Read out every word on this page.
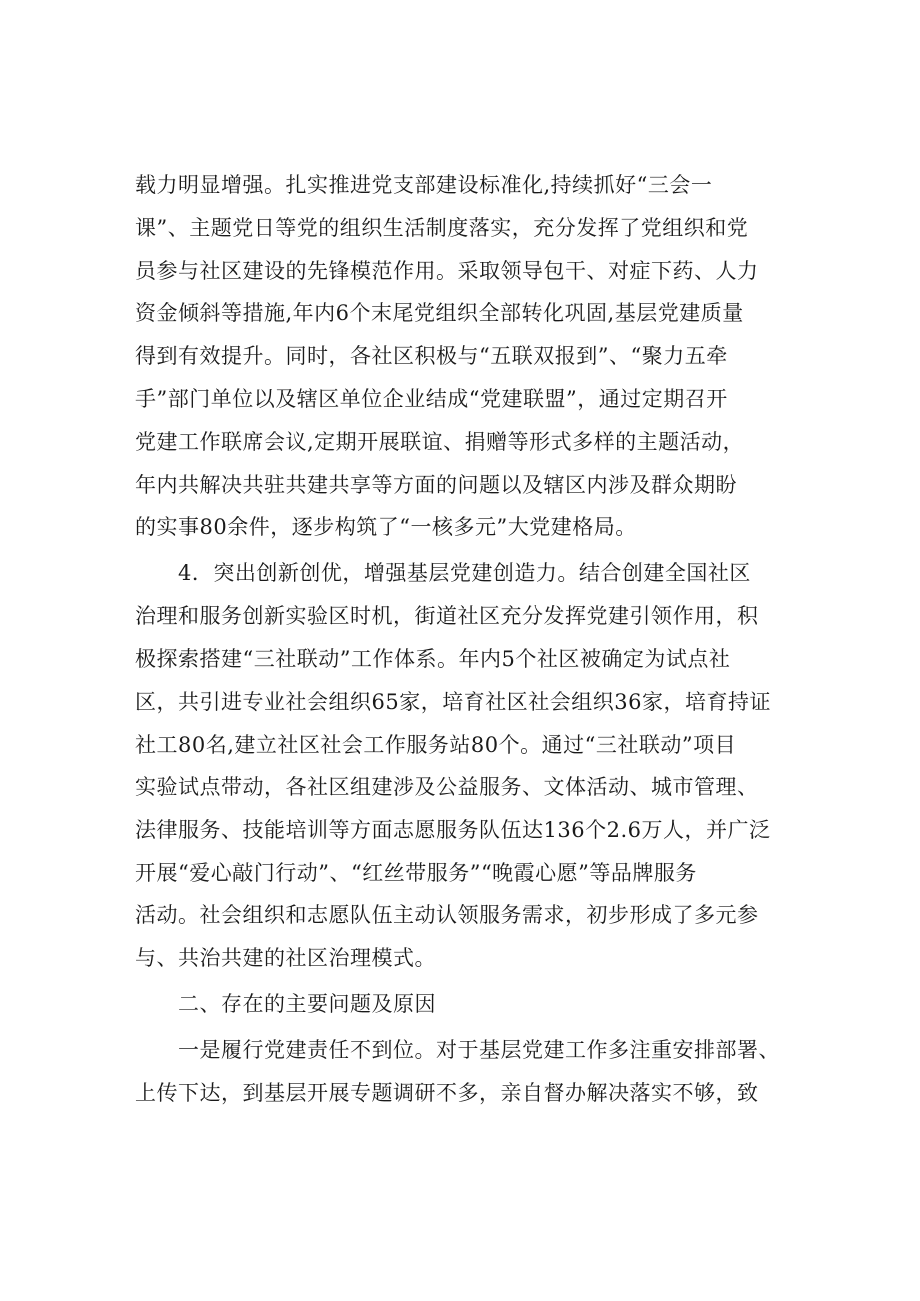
载力明显增强。扎实推进党支部建设标准化,持续抓好“三会一

课”、主题党日等党的组织生活制度落实，充分发挥了党组织和党

员参与社区建设的先锋模范作用。采取领导包干、对症下药、人力

资金倾斜等措施,年内6个末尾党组织全部转化巩固,基层党建质量

得到有效提升。同时，各社区积极与“五联双报到”、“聚力五牵

手”部门单位以及辖区单位企业结成“党建联盟”，通过定期召开

党建工作联席会议,定期开展联谊、捐赠等形式多样的主题活动，

年内共解决共驻共建共享等方面的问题以及辖区内涉及群众期盼

的实事80余件，逐步构筑了“一核多元”大党建格局。

4．突出创新创优，增强基层党建创造力。结合创建全国社区

治理和服务创新实验区时机，街道社区充分发挥党建引领作用，积

极探索搭建“三社联动”工作体系。年内5个社区被确定为试点社

区，共引进专业社会组织65家，培育社区社会组织36家，培育持证

社工80名,建立社区社会工作服务站80个。通过“三社联动”项目

实验试点带动，各社区组建涉及公益服务、文体活动、城市管理、

法律服务、技能培训等方面志愿服务队伍达136个2.6万人，并广泛

开展“爱心敲门行动”、“红丝带服务”“晚霞心愿”等品牌服务

活动。社会组织和志愿队伍主动认领服务需求，初步形成了多元参

与、共治共建的社区治理模式。

二、存在的主要问题及原因

一是履行党建责任不到位。对于基层党建工作多注重安排部署、

上传下达，到基层开展专题调研不多，亲自督办解决落实不够，致
